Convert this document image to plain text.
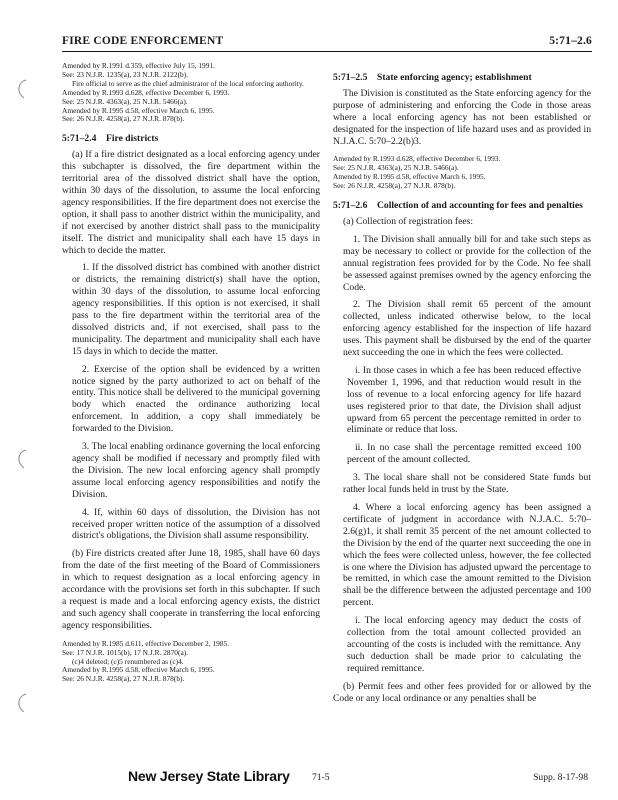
FIRE CODE ENFORCEMENT	5:71–2.6

Amended by R.1991 d.359, effective July 15, 1991.

See: 23 N.J.R. 1235(a), 23 N.J.R. 2122(b).

Fire official to serve as the chief administrator of the local enforcing authority.

Amended by R.1993 d.628, effective December 6, 1993.

See: 25 N.J.R. 4363(a), 25 N.J.R. 5466(a).

Amended by R.1995 d.58, effective March 6, 1995.

See: 26 N.J.R. 4258(a), 27 N.J.R. 878(b).

5:71–2.4 Fire districts

(a) If a fire district designated as a local enforcing agency under this subchapter is dissolved, the fire department within the territorial area of the dissolved district shall have the option, within 30 days of the dissolution, to assume the local enforcing agency responsibilities. If the fire department does not exercise the option, it shall pass to another district within the municipality, and if not exercised by another district shall pass to the municipality itself. The district and municipality shall each have 15 days in which to decide the matter.

1. If the dissolved district has combined with another district or districts, the remaining district(s) shall have the option, within 30 days of the dissolution, to assume local enforcing agency responsibilities. If this option is not exercised, it shall pass to the fire department within the territorial area of the dissolved districts and, if not exercised, shall pass to the municipality. The department and municipality shall each have 15 days in which to decide the matter.

2. Exercise of the option shall be evidenced by a written notice signed by the party authorized to act on behalf of the entity. This notice shall be delivered to the municipal governing body which enacted the ordinance authorizing local enforcement. In addition, a copy shall immediately be forwarded to the Division.

3. The local enabling ordinance governing the local enforcing agency shall be modified if necessary and promptly filed with the Division. The new local enforcing agency shall promptly assume local enforcing agency responsibilities and notify the Division.

4. If, within 60 days of dissolution, the Division has not received proper written notice of the assumption of a dissolved district's obligations, the Division shall assume responsibility.

(b) Fire districts created after June 18, 1985, shall have 60 days from the date of the first meeting of the Board of Commissioners in which to request designation as a local enforcing agency in accordance with the provisions set forth in this subchapter. If such a request is made and a local enforcing agency exists, the district and such agency shall cooperate in transferring the local enforcing agency responsibilities.

Amended by R.1985 d.611, effective December 2, 1985.

See: 17 N.J.R. 1015(b), 17 N.J.R. 2870(a).

(c)4 deleted; (c)5 renumbered as (c)4.

Amended by R.1995 d.58, effective March 6, 1995.

See: 26 N.J.R. 4258(a), 27 N.J.R. 878(b).

5:71–2.5 State enforcing agency; establishment

The Division is constituted as the State enforcing agency for the purpose of administering and enforcing the Code in those areas where a local enforcing agency has not been established or designated for the inspection of life hazard uses and as provided in N.J.A.C. 5:70–2.2(b)3.

Amended by R.1993 d.628, effective December 6, 1993.

See: 25 N.J.R. 4363(a), 25 N.J.R. 5466(a).

Amended by R.1995 d.58, effective March 6, 1995.

See: 26 N.J.R. 4258(a), 27 N.J.R. 878(b).

5:71–2.6 Collection of and accounting for fees and penalties

(a) Collection of registration fees:

1. The Division shall annually bill for and take such steps as may be necessary to collect or provide for the collection of the annual registration fees provided for by the Code. No fee shall be assessed against premises owned by the agency enforcing the Code.

2. The Division shall remit 65 percent of the amount collected, unless indicated otherwise below, to the local enforcing agency established for the inspection of life hazard uses. This payment shall be disbursed by the end of the quarter next succeeding the one in which the fees were collected.

i. In those cases in which a fee has been reduced effective November 1, 1996, and that reduction would result in the loss of revenue to a local enforcing agency for life hazard uses registered prior to that date, the Division shall adjust upward from 65 percent the percentage remitted in order to eliminate or reduce that loss.

ii. In no case shall the percentage remitted exceed 100 percent of the amount collected.

3. The local share shall not be considered State funds but rather local funds held in trust by the State.

4. Where a local enforcing agency has been assigned a certificate of judgment in accordance with N.J.A.C. 5:70–2.6(g)1, it shall remit 35 percent of the net amount collected to the Division by the end of the quarter next succeeding the one in which the fees were collected unless, however, the fee collected is one where the Division has adjusted upward the percentage to be remitted, in which case the amount remitted to the Division shall be the difference between the adjusted percentage and 100 percent.

i. The local enforcing agency may deduct the costs of collection from the total amount collected provided an accounting of the costs is included with the remittance. Any such deduction shall be made prior to calculating the required remittance.

(b) Permit fees and other fees provided for or allowed by the Code or any local ordinance or any penalties shall be

New Jersey State Library 71-5	Supp. 8-17-98
